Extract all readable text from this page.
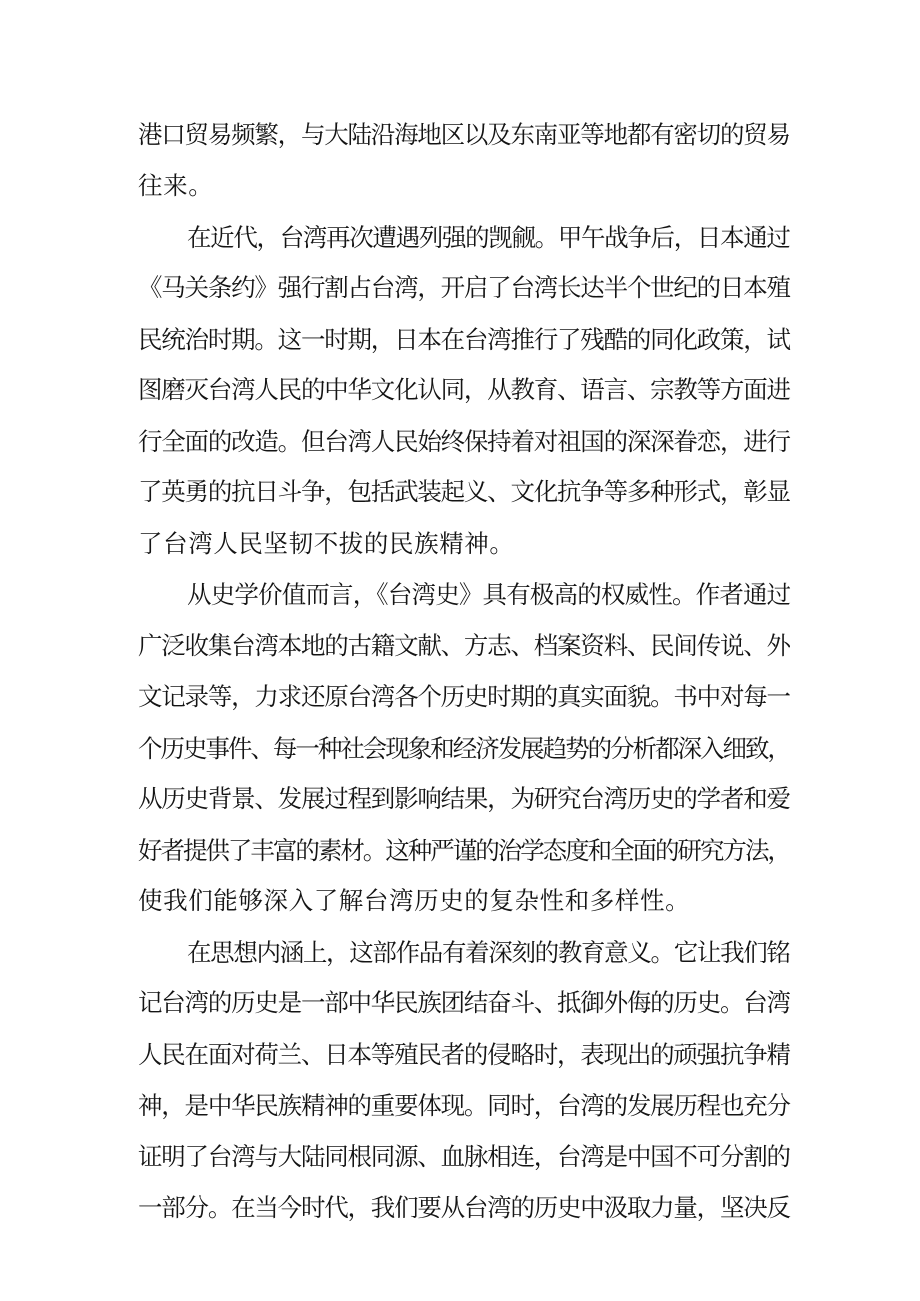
港口贸易频繁，与大陆沿海地区以及东南亚等地都有密切的贸易
往来。
在近代，台湾再次遭遇列强的觊觎。甲午战争后，日本通过
《马关条约》强行割占台湾，开启了台湾长达半个世纪的日本殖
民统治时期。这一时期，日本在台湾推行了残酷的同化政策，试
图磨灭台湾人民的中华文化认同，从教育、语言、宗教等方面进
行全面的改造。但台湾人民始终保持着对祖国的深深眷恋，进行
了英勇的抗日斗争，包括武装起义、文化抗争等多种形式，彰显
了台湾人民坚韧不拔的民族精神。
从史学价值而言，《台湾史》具有极高的权威性。作者通过
广泛收集台湾本地的古籍文献、方志、档案资料、民间传说、外
文记录等，力求还原台湾各个历史时期的真实面貌。书中对每一
个历史事件、每一种社会现象和经济发展趋势的分析都深入细致，
从历史背景、发展过程到影响结果，为研究台湾历史的学者和爱
好者提供了丰富的素材。这种严谨的治学态度和全面的研究方法，
使我们能够深入了解台湾历史的复杂性和多样性。
在思想内涵上，这部作品有着深刻的教育意义。它让我们铭
记台湾的历史是一部中华民族团结奋斗、抵御外侮的历史。台湾
人民在面对荷兰、日本等殖民者的侵略时，表现出的顽强抗争精
神，是中华民族精神的重要体现。同时，台湾的发展历程也充分
证明了台湾与大陆同根同源、血脉相连，台湾是中国不可分割的
一部分。在当今时代，我们要从台湾的历史中汲取力量，坚决反
